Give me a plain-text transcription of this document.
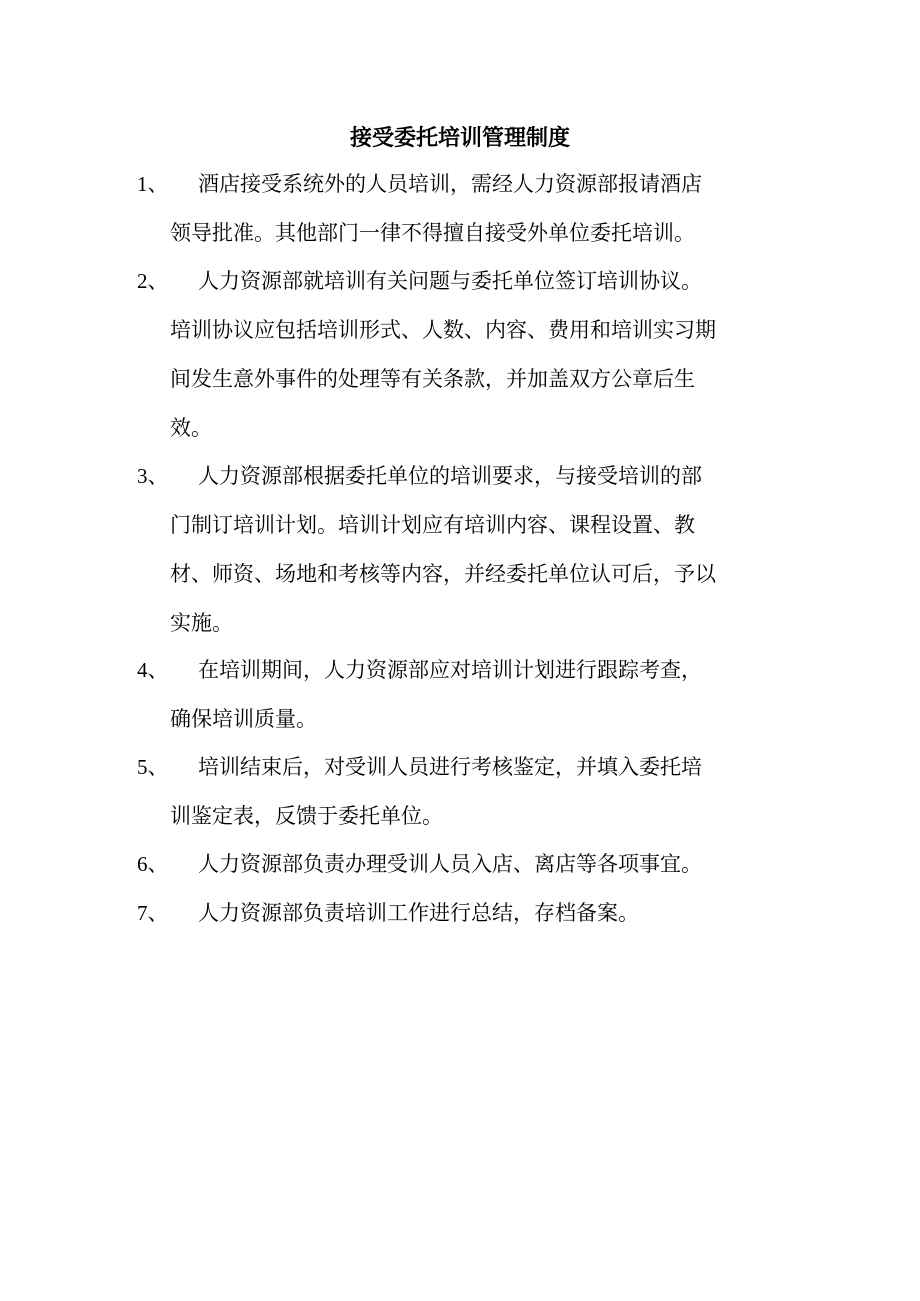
接受委托培训管理制度
1、	酒店接受系统外的人员培训，需经人力资源部报请酒店
领导批准。其他部门一律不得擅自接受外单位委托培训。
2、	人力资源部就培训有关问题与委托单位签订培训协议。
培训协议应包括培训形式、人数、内容、费用和培训实习期
间发生意外事件的处理等有关条款，并加盖双方公章后生
效。
3、	人力资源部根据委托单位的培训要求，与接受培训的部
门制订培训计划。培训计划应有培训内容、课程设置、教
材、师资、场地和考核等内容，并经委托单位认可后，予以
实施。
4、	在培训期间，人力资源部应对培训计划进行跟踪考查，
确保培训质量。
5、	培训结束后，对受训人员进行考核鉴定，并填入委托培
训鉴定表，反馈于委托单位。
6、	人力资源部负责办理受训人员入店、离店等各项事宜。
7、	人力资源部负责培训工作进行总结，存档备案。
